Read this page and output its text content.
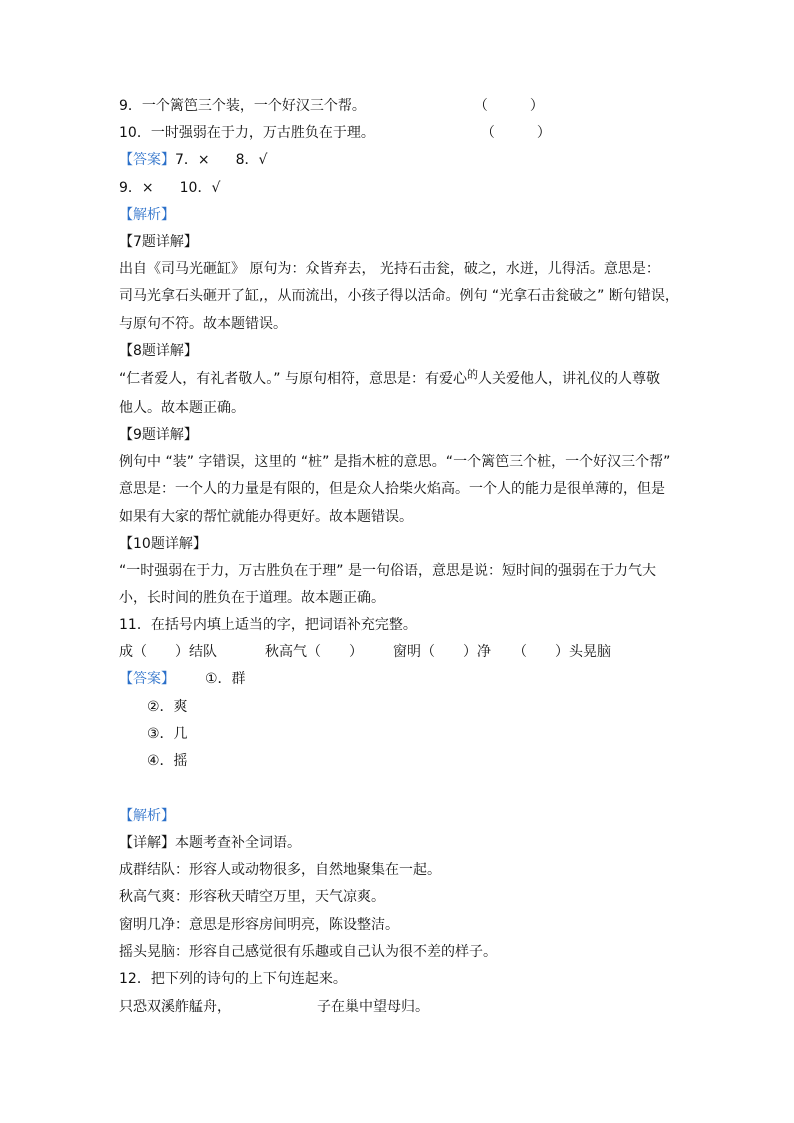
9．一个篱笆三个装，一个好汉三个帮。	（　　　）
10．一时强弱在于力，万古胜负在于理。	（　　　）
【答案】7．× 8．√
9．× 10．√
【解析】
【7题详解】
出自《司马光砸缸》 原句为：众皆弃去， 光持石击瓮，破之，水迸，儿得活。意思是：
司马光拿石头砸开了缸,，从而流出，小孩子得以活命。例句 “光拿石击瓮破之” 断句错误，
与原句不符。故本题错误。
【8题详解】
“仁者爱人，有礼者敬人。” 与原句相符，意思是：有爱心$^的$人关爱他人，讲礼仪的人尊敬
他人。故本题正确。
【9题详解】
例句中 “装” 字错误，这里的 “桩” 是指木桩的意思。“一个篱笆三个桩，一个好汉三个帮”
意思是：一个人的力量是有限的，但是众人拾柴火焰高。一个人的能力是很单薄的，但是
如果有大家的帮忙就能办得更好。故本题错误。
【10题详解】
“一时强弱在于力，万古胜负在于理” 是一句俗语，意思是说：短时间的强弱在于力气大
小，长时间的胜负在于道理。故本题正确。
11．在括号内填上适当的字，把词语补充完整。
成（　　）结队	秋高气（　　） 窗明（　　）净 （　　）头晃脑
【答案】 ①．群
②．爽
③．几
④．摇
【解析】
【详解】本题考查补全词语。
成群结队：形容人或动物很多，自然地聚集在一起。
秋高气爽：形容秋天晴空万里，天气凉爽。
窗明几净：意思是形容房间明亮，陈设整洁。
摇头晃脑：形容自己感觉很有乐趣或自己认为很不差的样子。
12．把下列的诗句的上下句连起来。
只恐双溪舴艋舟，	子在巢中望母归。
